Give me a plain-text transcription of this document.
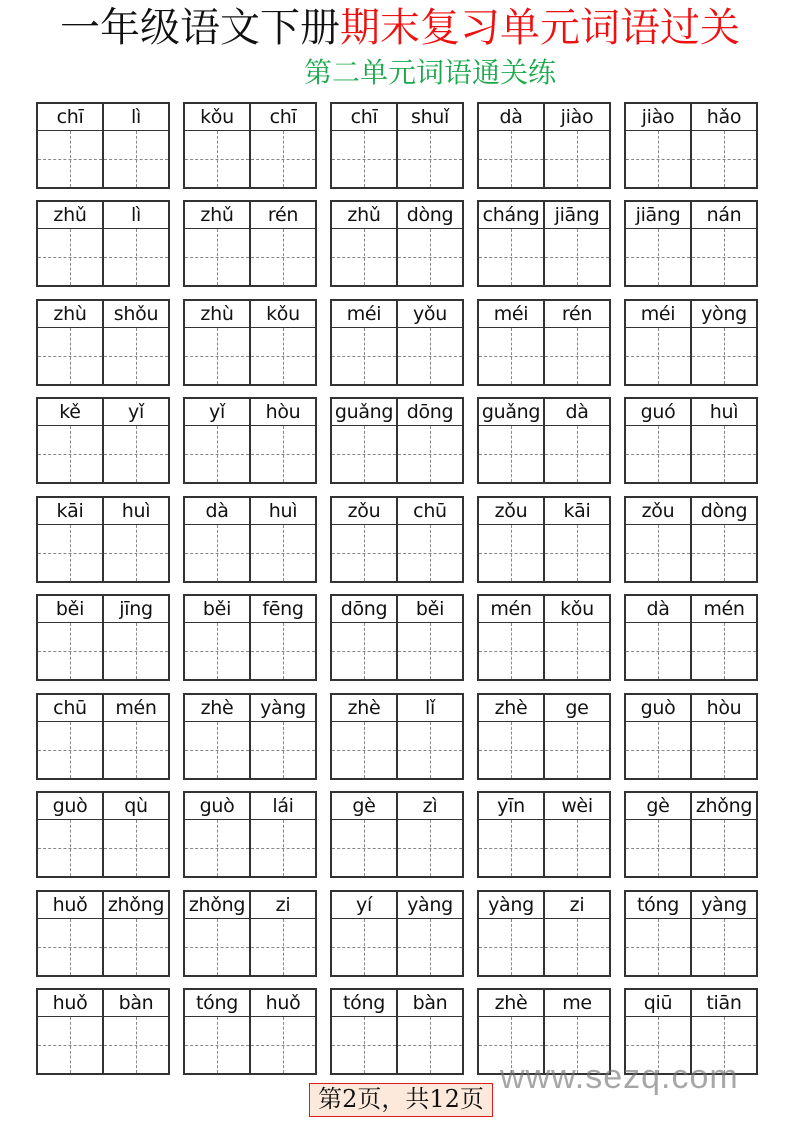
一年级语文下册期末复习单元词语过关
第二单元词语通关练
chī	lì	kǒu	chī	chī	shuǐ	dà	jiào	jiào	hǎo
zhǔ	lì	zhǔ	rén	zhǔ	dòng	cháng jiāng	jiāng	nán
zhù	shǒu	zhù	kǒu	méi	yǒu	méi	rén	méi	yòng
kě	yǐ	yǐ	hòu	guǎng dōng	guǎng	dà	guó	huì
kāi	huì	dà	huì	zǒu	chū	zǒu	kāi	zǒu	dòng
běi	jīng	běi	fēng	dōng	běi	mén	kǒu	dà	mén
chū	mén	zhè	yàng	zhè	lǐ	zhè	ge	guò	hòu
guò	qù	guò	lái	gè	zì	yīn	wèi	gè	zhǒng
huǒ	zhǒng zhǒng	zi	yí	yàng	yàng	zi	tóng	yàng
huǒ	bàn	tóng	huǒ	tóng	bàn	zhè	me	qiū	tiān
第2页，共12页
www.sezq.com
